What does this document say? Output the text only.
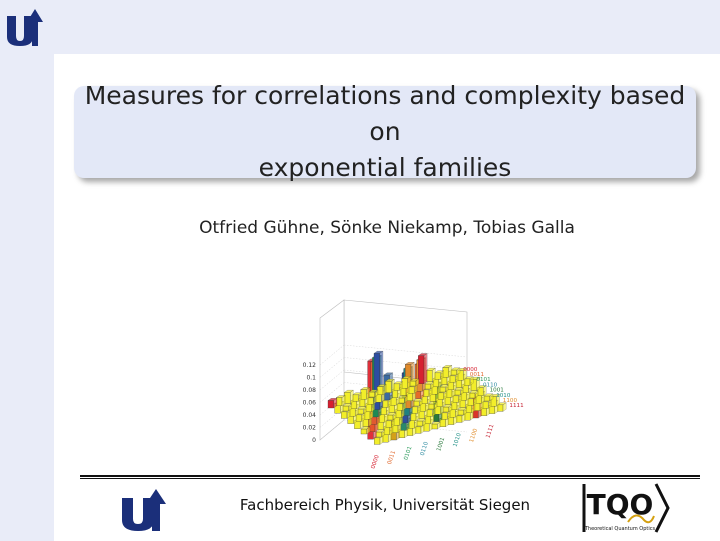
Measures for correlations and complexity based on
exponential families
Otfried Gühne, Sönke Niekamp, Tobias Galla
0.12
0.1
0.08
0.06
0.04
0.02
0
0000 0011 0101 0110 1001 1010 1100 1111
0000
0011
0101
0110
1001
1010
1100
1111
Fachbereich Physik, Universität Siegen	TQO
Theoretical Quantum Optics
